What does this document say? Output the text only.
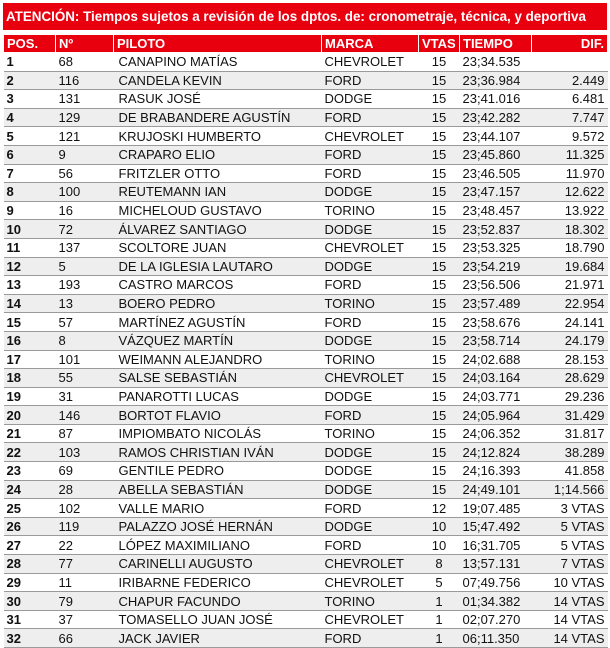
ATENCIÓN: Tiempos sujetos a revisión de los dptos. de: cronometraje, técnica, y deportiva
POS.	Nº	PILOTO	MARCA	VTAS	TIEMPO	DIF.
1	68	CANAPINO MATÍAS	CHEVROLET	15	23;34.535	
2	116	CANDELA KEVIN	FORD	15	23;36.984	2.449
3	131	RASUK JOSÉ	DODGE	15	23;41.016	6.481
4	129	DE BRABANDERE AGUSTÍN	FORD	15	23;42.282	7.747
5	121	KRUJOSKI HUMBERTO	CHEVROLET	15	23;44.107	9.572
6	9	CRAPARO ELIO	FORD	15	23;45.860	11.325
7	56	FRITZLER OTTO	FORD	15	23;46.505	11.970
8	100	REUTEMANN IAN	DODGE	15	23;47.157	12.622
9	16	MICHELOUD GUSTAVO	TORINO	15	23;48.457	13.922
10	72	ÁLVAREZ SANTIAGO	DODGE	15	23;52.837	18.302
11	137	SCOLTORE JUAN	CHEVROLET	15	23;53.325	18.790
12	5	DE LA IGLESIA LAUTARO	DODGE	15	23;54.219	19.684
13	193	CASTRO MARCOS	FORD	15	23;56.506	21.971
14	13	BOERO PEDRO	TORINO	15	23;57.489	22.954
15	57	MARTÍNEZ AGUSTÍN	FORD	15	23;58.676	24.141
16	8	VÁZQUEZ MARTÍN	DODGE	15	23;58.714	24.179
17	101	WEIMANN ALEJANDRO	TORINO	15	24;02.688	28.153
18	55	SALSE SEBASTIÁN	CHEVROLET	15	24;03.164	28.629
19	31	PANAROTTI LUCAS	DODGE	15	24;03.771	29.236
20	146	BORTOT FLAVIO	FORD	15	24;05.964	31.429
21	87	IMPIOMBATO NICOLÁS	TORINO	15	24;06.352	31.817
22	103	RAMOS CHRISTIAN IVÁN	DODGE	15	24;12.824	38.289
23	69	GENTILE PEDRO	DODGE	15	24;16.393	41.858
24	28	ABELLA SEBASTIÁN	DODGE	15	24;49.101	1;14.566
25	102	VALLE MARIO	FORD	12	19;07.485	3 VTAS
26	119	PALAZZO JOSÉ HERNÁN	DODGE	10	15;47.492	5 VTAS
27	22	LÓPEZ MAXIMILIANO	FORD	10	16;31.705	5 VTAS
28	77	CARINELLI AUGUSTO	CHEVROLET	8	13;57.131	7 VTAS
29	11	IRIBARNE FEDERICO	CHEVROLET	5	07;49.756	10 VTAS
30	79	CHAPUR FACUNDO	TORINO	1	01;34.382	14 VTAS
31	37	TOMASELLO JUAN JOSÉ	CHEVROLET	1	02;07.270	14 VTAS
32	66	JACK JAVIER	FORD	1	06;11.350	14 VTAS
